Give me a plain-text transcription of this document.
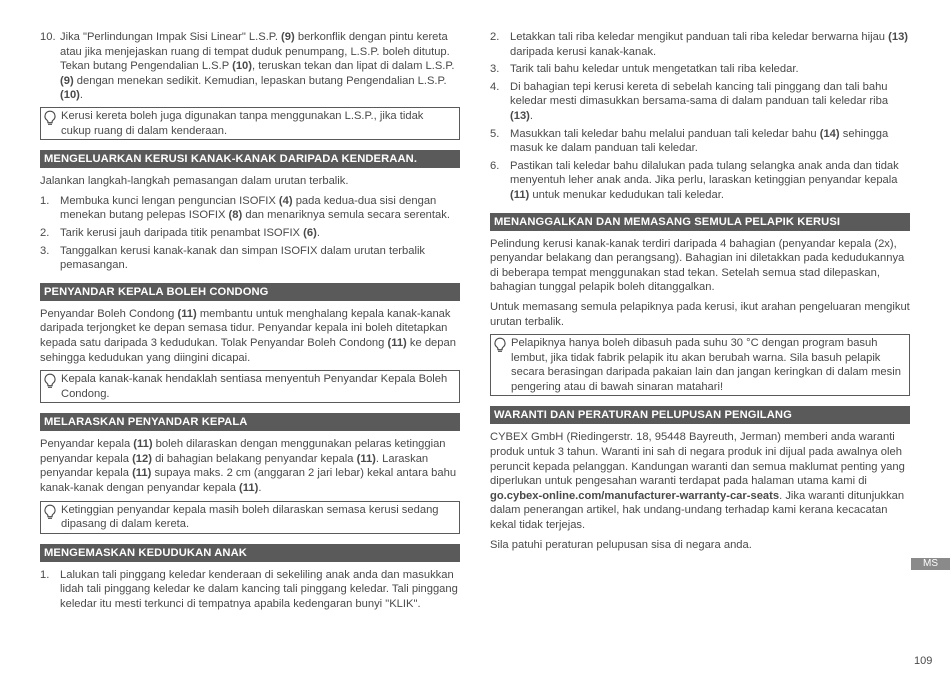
10. Jika "Perlindungan Impak Sisi Linear" L.S.P. (9) berkonflik dengan pintu kereta atau jika menjejaskan ruang di tempat duduk penumpang, L.S.P. boleh ditutup. Tekan butang Pengendalian L.S.P (10), teruskan tekan dan lipat di dalam L.S.P. (9) dengan menekan sedikit. Kemudian, lepaskan butang Pengendalian L.S.P. (10).
Kerusi kereta boleh juga digunakan tanpa menggunakan L.S.P., jika tidak cukup ruang di dalam kenderaan.
MENGELUARKAN KERUSI KANAK-KANAK DARIPADA KENDERAAN.

Jalankan langkah-langkah pemasangan dalam urutan terbalik.

1. Membuka kunci lengan penguncian ISOFIX (4) pada kedua-dua sisi dengan menekan butang pelepas ISOFIX (8) dan menariknya semula secara serentak.
2. Tarik kerusi jauh daripada titik penambat ISOFIX (6).
3. Tanggalkan kerusi kanak-kanak dan simpan ISOFIX dalam urutan terbalik pemasangan.
PENYANDAR KEPALA BOLEH CONDONG

Penyandar Boleh Condong (11) membantu untuk menghalang kepala kanak-kanak daripada terjongket ke depan semasa tidur. Penyandar kepala ini boleh ditetapkan kepada satu daripada 3 kedudukan. Tolak Penyandar Boleh Condong (11) ke depan sehingga kedudukan yang diingini dicapai.

Kepala kanak-kanak hendaklah sentiasa menyentuh Penyandar Kepala Boleh Condong.
MELARASKAN PENYANDAR KEPALA

Penyandar kepala (11) boleh dilaraskan dengan menggunakan pelaras ketinggian penyandar kepala (12) di bahagian belakang penyandar kepala (11). Laraskan penyandar kepala (11) supaya maks. 2 cm (anggaran 2 jari lebar) kekal antara bahu kanak-kanak dengan penyandar kepala (11).

Ketinggian penyandar kepala masih boleh dilaraskan semasa kerusi sedang dipasang di dalam kereta.
MENGEMASKAN KEDUDUKAN ANAK
1. Lalukan tali pinggang keledar kenderaan di sekeliling anak anda dan masukkan lidah tali pinggang keledar ke dalam kancing tali pinggang keledar. Tali pinggang keledar itu mesti terkunci di tempatnya apabila kedengaran bunyi "KLIK".
2. Letakkan tali riba keledar mengikut panduan tali riba keledar berwarna hijau (13) daripada kerusi kanak-kanak.
3. Tarik tali bahu keledar untuk mengetatkan tali riba keledar.
4. Di bahagian tepi kerusi kereta di sebelah kancing tali pinggang dan tali bahu keledar mesti dimasukkan bersama-sama di dalam panduan tali keledar riba (13).
5. Masukkan tali keledar bahu melalui panduan tali keledar bahu (14) sehingga masuk ke dalam panduan tali keledar.
6. Pastikan tali keledar bahu dilalukan pada tulang selangka anak anda dan tidak menyentuh leher anak anda. Jika perlu, laraskan ketinggian penyandar kepala (11) untuk menukar kedudukan tali keledar.
MENANGGALKAN DAN MEMASANG SEMULA PELAPIK KERUSI

Pelindung kerusi kanak-kanak terdiri daripada 4 bahagian (penyandar kepala (2x), penyandar belakang dan perangsang). Bahagian ini diletakkan pada kedudukannya di beberapa tempat menggunakan stad tekan. Setelah semua stad dilepaskan, bahagian tunggal pelapik boleh ditanggalkan.

Untuk memasang semula pelapiknya pada kerusi, ikut arahan pengeluaran mengikut urutan terbalik.

Pelapiknya hanya boleh dibasuh pada suhu 30 °C dengan program basuh lembut, jika tidak fabrik pelapik itu akan berubah warna. Sila basuh pelapik secara berasingan daripada pakaian lain dan jangan keringkan di dalam mesin pengering atau di bawah sinaran matahari!
WARANTI DAN PERATURAN PELUPUSAN PENGILANG

CYBEX GmbH (Riedingerstr. 18, 95448 Bayreuth, Jerman) memberi anda waranti produk untuk 3 tahun. Waranti ini sah di negara produk ini dijual pada awalnya oleh peruncit kepada pelanggan. Kandungan waranti dan semua maklumat penting yang diperlukan untuk pengesahan waranti terdapat pada halaman utama kami di go.cybex-online.com/manufacturer-warranty-car-seats. Jika waranti ditunjukkan dalam penerangan artikel, hak undang-undang terhadap kami kerana kecacatan kekal tidak terjejas.

Sila patuhi peraturan pelupusan sisa di negara anda.

MS
109
